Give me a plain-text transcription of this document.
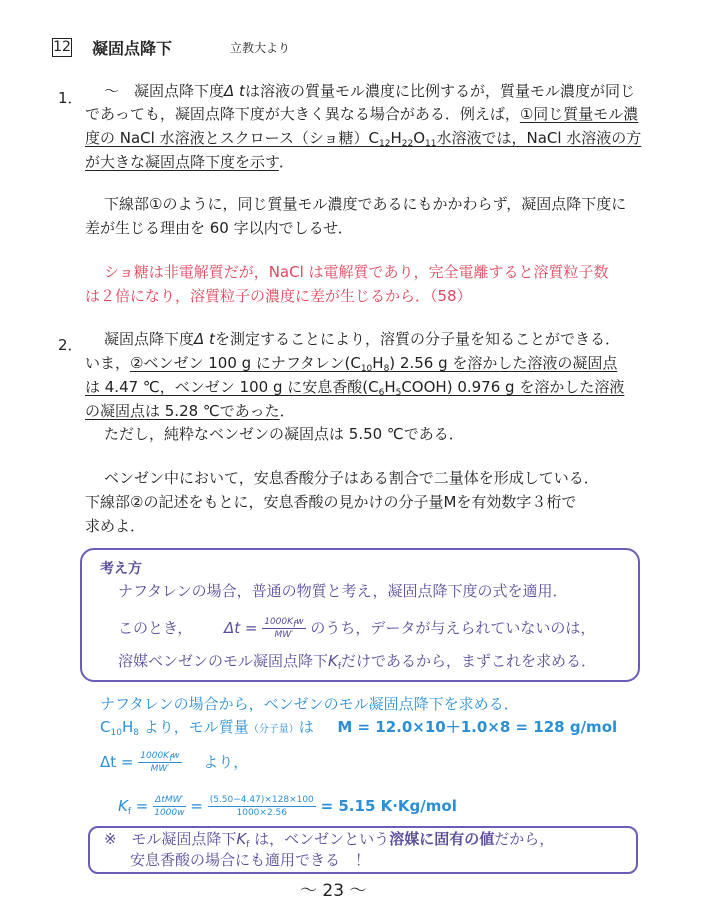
12 凝固点降下	立教大より
1． ～　凝固点降下度Δ tは溶液の質量モル濃度に比例するが，質量モル濃度が同じ
であっても，凝固点降下度が大きく異なる場合がある．例えば，①同じ質量モル濃
度の NaCl 水溶液とスクロース（ショ糖）$C_{12}H_{22}O_{11}$水溶液では，NaCl 水溶液の方
が大きな凝固点降下度を示す．
下線部①のように，同じ質量モル濃度であるにもかかわらず，凝固点降下度に
差が生じる理由を 60 字以内でしるせ．
ショ糖は非電解質だが，NaCl は電解質であり，完全電離すると溶質粒子数
は２倍になり，溶質粒子の濃度に差が生じるから．（58）
2． 凝固点降下度Δ tを測定することにより，溶質の分子量を知ることができる．
いま，②ベンゼン 100 g にナフタレン$(C_{10}H_8)$ 2.56 g を溶かした溶液の凝固点
は 4.47 ℃，ベンゼン 100 g に安息香酸$(C_6H_5COOH)$ 0.976 g を溶かした溶液
の凝固点は 5.28 ℃であった．
ただし，純粋なベンゼンの凝固点は 5.50 ℃である．
ベンゼン中において，安息香酸分子はある割合で二量体を形成している．
下線部②の記述をもとに，安息香酸の見かけの分子量Mを有効数字３桁で
求めよ．
考え方
ナフタレンの場合，普通の物質と考え，凝固点降下度の式を適用．
このとき， $\Delta t = \frac{1000K_fw}{MW'}$ のうち，データが与えられていないのは，
溶媒ベンゼンのモル凝固点降下$K_f$だけであるから，まずこれを求める．
ナフタレンの場合から，ベンゼンのモル凝固点降下を求める．
$C_{10}H_8$ より，モル質量（分子量）は M = 12.0×10＋1.0×8 = 128 g/mol
$\Delta t = \frac{1000K_fw}{MW'}$ より，
$K_f = \frac{\text{ΔtMW′}}{1000w} = \frac{(5.50-4.47)\times 128\times 100}{1000\times 2.56} = 5.15$ K·Kg/mol
※ モル凝固点降下$K_f$ は，ベンゼンという溶媒に固有の値だから，
安息香酸の場合にも適用できる　！
～ 23 ～
